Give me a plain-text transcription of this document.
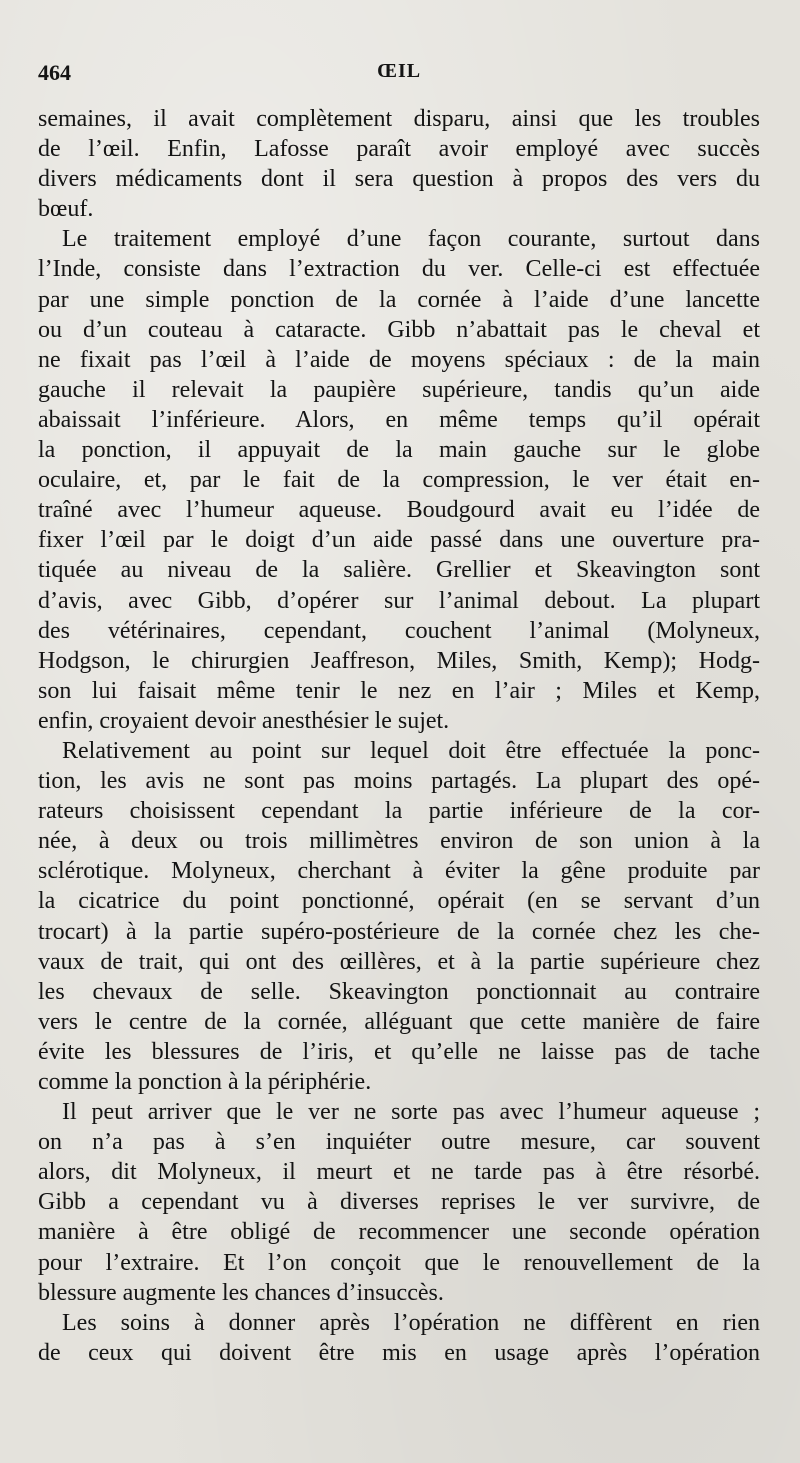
464	ŒIL
semaines, il avait complètement disparu, ainsi que les troubles
de l’œil. Enfin, Lafosse paraît avoir employé avec succès
divers médicaments dont il sera question à propos des vers du
bœuf.
Le traitement employé d’une façon courante, surtout dans
l’Inde, consiste dans l’extraction du ver. Celle-ci est effectuée
par une simple ponction de la cornée à l’aide d’une lancette
ou d’un couteau à cataracte. Gibb n’abattait pas le cheval et
ne fixait pas l’œil à l’aide de moyens spéciaux : de la main
gauche il relevait la paupière supérieure, tandis qu’un aide
abaissait l’inférieure. Alors, en même temps qu’il opérait
la ponction, il appuyait de la main gauche sur le globe
oculaire, et, par le fait de la compression, le ver était en-
traîné avec l’humeur aqueuse. Boudgourd avait eu l’idée de
fixer l’œil par le doigt d’un aide passé dans une ouverture pra-
tiquée au niveau de la salière. Grellier et Skeavington sont
d’avis, avec Gibb, d’opérer sur l’animal debout. La plupart
des vétérinaires, cependant, couchent l’animal (Molyneux,
Hodgson, le chirurgien Jeaffreson, Miles, Smith, Kemp); Hodg-
son lui faisait même tenir le nez en l’air ; Miles et Kemp,
enfin, croyaient devoir anesthésier le sujet.
Relativement au point sur lequel doit être effectuée la ponc-
tion, les avis ne sont pas moins partagés. La plupart des opé-
rateurs choisissent cependant la partie inférieure de la cor-
née, à deux ou trois millimètres environ de son union à la
sclérotique. Molyneux, cherchant à éviter la gêne produite par
la cicatrice du point ponctionné, opérait (en se servant d’un
trocart) à la partie supéro-postérieure de la cornée chez les che-
vaux de trait, qui ont des œillères, et à la partie supérieure chez
les chevaux de selle. Skeavington ponctionnait au contraire
vers le centre de la cornée, alléguant que cette manière de faire
évite les blessures de l’iris, et qu’elle ne laisse pas de tache
comme la ponction à la périphérie.
Il peut arriver que le ver ne sorte pas avec l’humeur aqueuse ;
on n’a pas à s’en inquiéter outre mesure, car souvent
alors, dit Molyneux, il meurt et ne tarde pas à être résorbé.
Gibb a cependant vu à diverses reprises le ver survivre, de
manière à être obligé de recommencer une seconde opération
pour l’extraire. Et l’on conçoit que le renouvellement de la
blessure augmente les chances d’insuccès.
Les soins à donner après l’opération ne diffèrent en rien
de ceux qui doivent être mis en usage après l’opération
